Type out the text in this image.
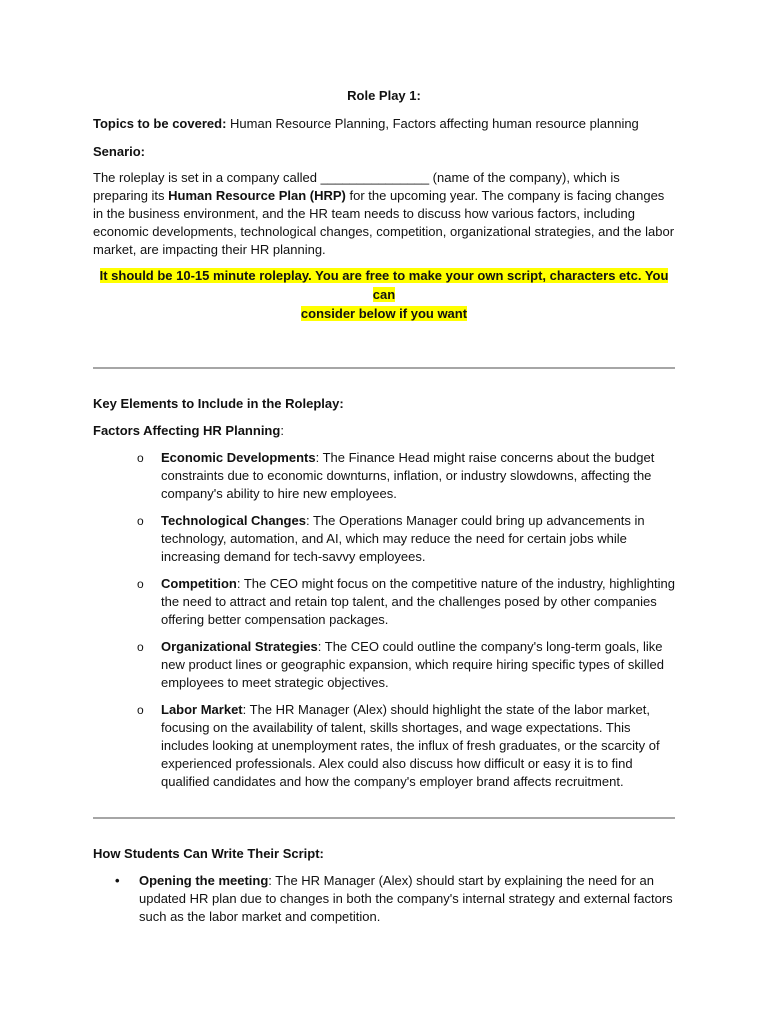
Role Play 1:

Topics to be covered: Human Resource Planning, Factors affecting human resource planning

Senario:

The roleplay is set in a company called _______________ (name of the company), which is preparing its Human Resource Plan (HRP) for the upcoming year. The company is facing changes in the business environment, and the HR team needs to discuss how various factors, including economic developments, technological changes, competition, organizational strategies, and the labor market, are impacting their HR planning.

It should be 10-15 minute roleplay. You are free to make your own script, characters etc. You can
consider below if you want

Key Elements to Include in the Roleplay:

Factors Affecting HR Planning:

o Economic Developments: The Finance Head might raise concerns about the budget constraints due to economic downturns, inflation, or industry slowdowns, affecting the company's ability to hire new employees.
o Technological Changes: The Operations Manager could bring up advancements in technology, automation, and AI, which may reduce the need for certain jobs while increasing demand for tech-savvy employees.
o Competition: The CEO might focus on the competitive nature of the industry, highlighting the need to attract and retain top talent, and the challenges posed by other companies offering better compensation packages.
o Organizational Strategies: The CEO could outline the company's long-term goals, like new product lines or geographic expansion, which require hiring specific types of skilled employees to meet strategic objectives.
o Labor Market: The HR Manager (Alex) should highlight the state of the labor market, focusing on the availability of talent, skills shortages, and wage expectations. This includes looking at unemployment rates, the influx of fresh graduates, or the scarcity of experienced professionals. Alex could also discuss how difficult or easy it is to find qualified candidates and how the company's employer brand affects recruitment.

How Students Can Write Their Script:

• Opening the meeting: The HR Manager (Alex) should start by explaining the need for an updated HR plan due to changes in both the company's internal strategy and external factors such as the labor market and competition.
